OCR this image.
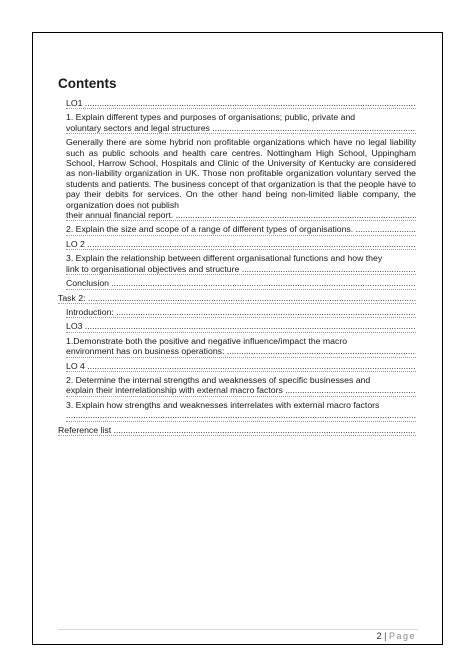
Contents
LO1 .....
1. Explain different types and purposes of organisations; public, private and
voluntary sectors and legal structures .....
Generally there are some hybrid non profitable organizations which have no legal liability such as public schools and health care centres. Nottingham High School, Uppingham School, Harrow School, Hospitals and Clinic of the University of Kentucky are considered as non-liability organization in UK. Those non profitable organization voluntary served the students and patients. The business concept of that organization is that the people have to pay their debits for services. On the other hand being non-limited liable company, the organization does not publish
their annual financial report. .....
2. Explain the size and scope of a range of different types of organisations. .....
LO 2 .....
3. Explain the relationship between different organisational functions and how they
link to organisational objectives and structure .....
Conclusion .....
Task 2: .....
Introduction: .....
LO3 .....
1.Demonstrate both the positive and negative influence/impact the macro
environment has on business operations: .....
LO 4 .....
2. Determine the internal strengths and weaknesses of specific businesses and
explain their interrelationship with external macro factors .....
3. Explain how strengths and weaknesses interrelates with external macro factors
.....
Reference list .....
2 | Page
